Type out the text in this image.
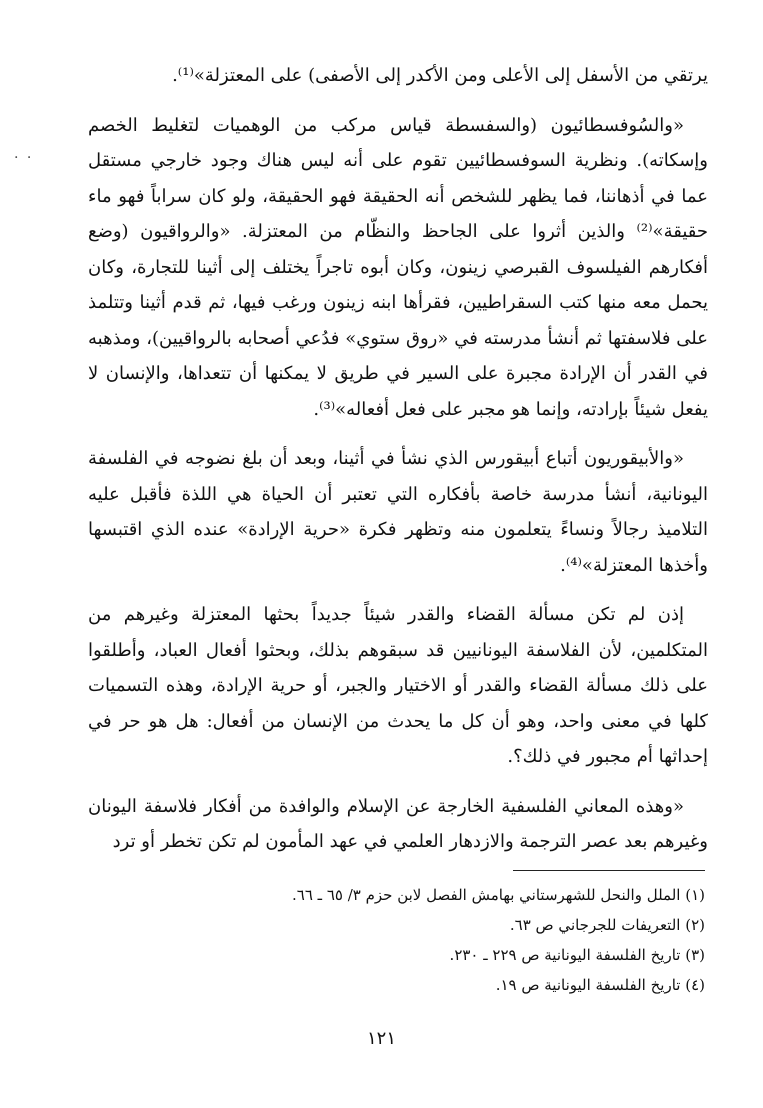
. .

يرتقي من الأسفل إلى الأعلى ومن الأكدر إلى الأصفى) على المعتزلة»⁽¹⁾.

«والسُوفسطائيون (والسفسطة قياس مركب من الوهميات لتغليط الخصم وإسكاته). ونظرية السوفسطائيين تقوم على أنه ليس هناك وجود خارجي مستقل عما في أذهاننا، فما يظهر للشخص أنه الحقيقة فهو الحقيقة، ولو كان سراباً فهو ماء حقيقة»⁽²⁾ والذين أثروا على الجاحظ والنظّام من المعتزلة. «والرواقيون (وضع أفكارهم الفيلسوف القبرصي زينون، وكان أبوه تاجراً يختلف إلى أثينا للتجارة، وكان يحمل معه منها كتب السقراطيين، فقرأها ابنه زينون ورغب فيها، ثم قدم أثينا وتتلمذ على فلاسفتها ثم أنشأ مدرسته في «روق ستوي» فدُعي أصحابه بالرواقيين)، ومذهبه في القدر أن الإرادة مجبرة على السير في طريق لا يمكنها أن تتعداها، والإنسان لا يفعل شيئاً بإرادته، وإنما هو مجبر على فعل أفعاله»⁽³⁾.

«والأبيقوريون أتباع أبيقورس الذي نشأ في أثينا، وبعد أن بلغ نضوجه في الفلسفة اليونانية، أنشأ مدرسة خاصة بأفكاره التي تعتبر أن الحياة هي اللذة فأقبل عليه التلاميذ رجالاً ونساءً يتعلمون منه وتظهر فكرة «حرية الإرادة» عنده الذي اقتبسها وأخذها المعتزلة»⁽⁴⁾.

إذن لم تكن مسألة القضاء والقدر شيئاً جديداً بحثها المعتزلة وغيرهم من المتكلمين، لأن الفلاسفة اليونانيين قد سبقوهم بذلك، وبحثوا أفعال العباد، وأطلقوا على ذلك مسألة القضاء والقدر أو الاختيار والجبر، أو حرية الإرادة، وهذه التسميات كلها في معنى واحد، وهو أن كل ما يحدث من الإنسان من أفعال: هل هو حر في إحداثها أم مجبور في ذلك؟.

«وهذه المعاني الفلسفية الخارجة عن الإسلام والوافدة من أفكار فلاسفة اليونان وغيرهم بعد عصر الترجمة والازدهار العلمي في عهد المأمون لم تكن تخطر أو ترد

(١) الملل والنحل للشهرستاني بهامش الفصل لابن حزم ٣/ ٦٥ ـ ٦٦.

(٢) التعريفات للجرجاني ص ٦٣.

(٣) تاريخ الفلسفة اليونانية ص ٢٢٩ ـ ٢٣٠.

(٤) تاريخ الفلسفة اليونانية ص ١٩.

١٢١
